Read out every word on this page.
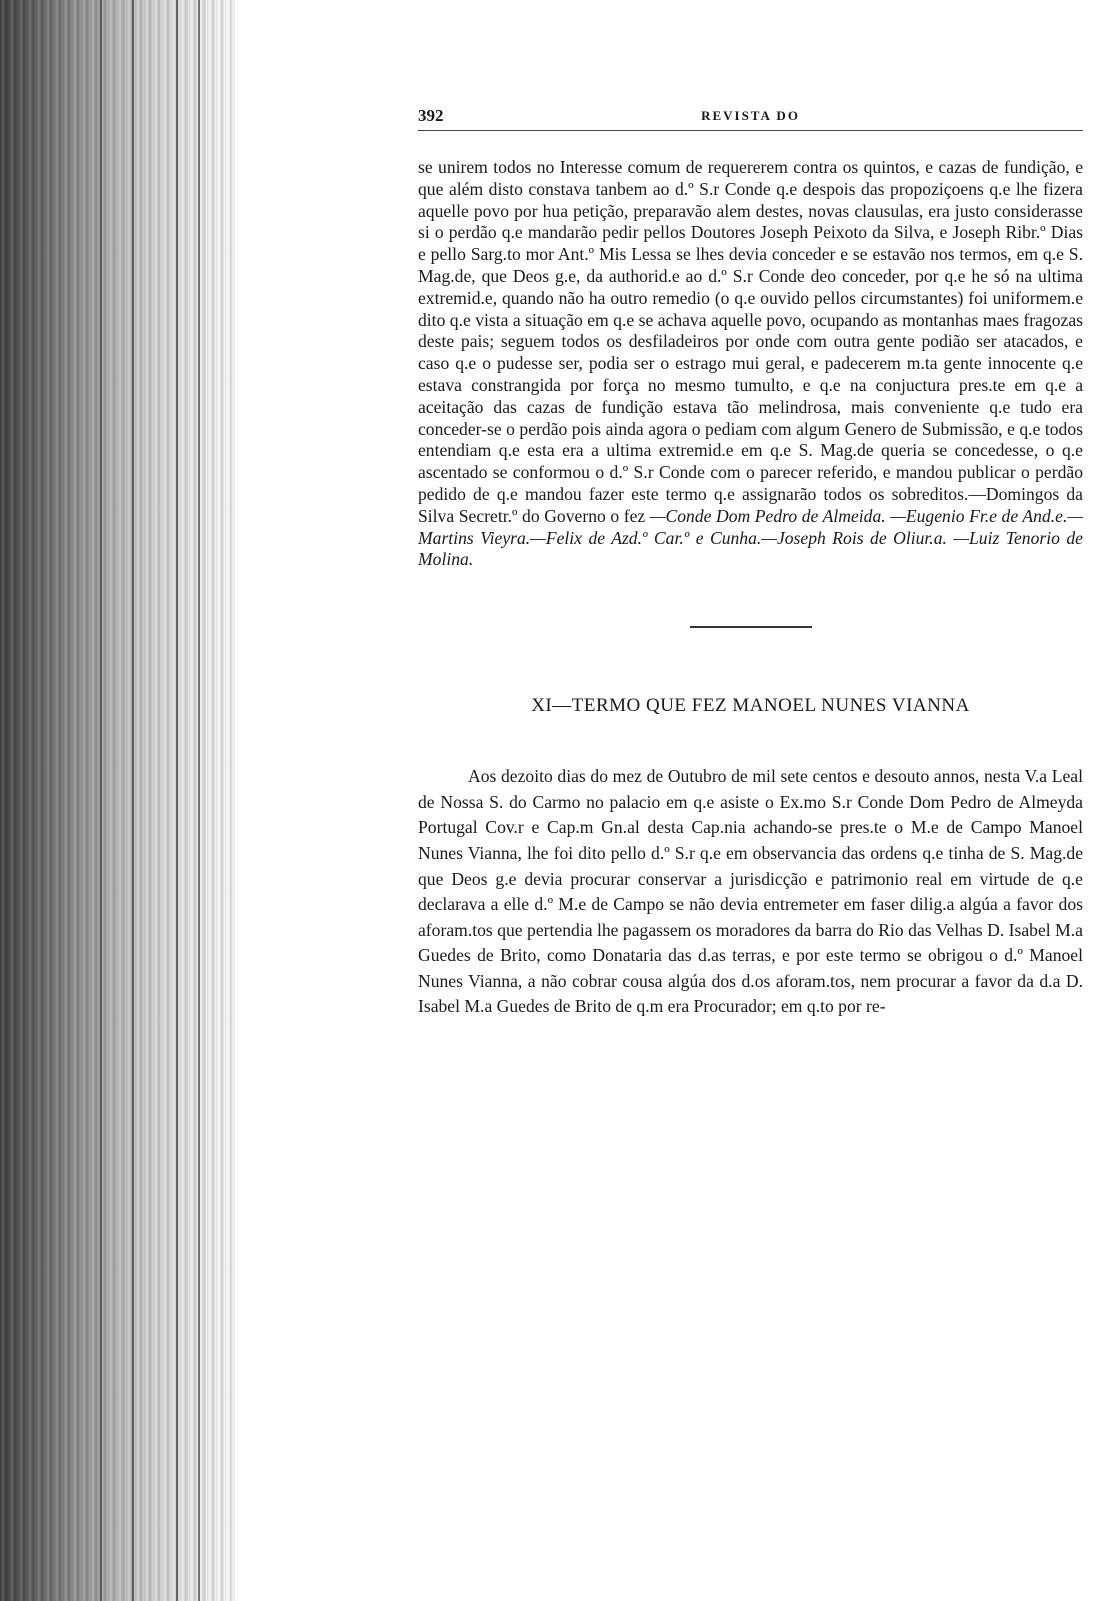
392	REVISTA DO

se unirem todos no Interesse comum de requererem contra os quintos, e cazas de fundição, e que além disto constava tanbem ao d.º S.r Conde q.e despois das propoziçoens q.e lhe fizera aquelle povo por hua petição, preparavão alem destes, novas clausulas, era justo considerasse si o perdão q.e mandarão pedir pellos Doutores Joseph Peixoto da Silva, e Joseph Ribr.º Dias e pello Sarg.to mor Ant.º Mis Lessa se lhes devia conceder e se estavão nos termos, em q.e S. Mag.de, que Deos g.e, da authorid.e ao d.º S.r Conde deo conceder, por q.e he só na ultima extremid.e, quando não ha outro remedio (o q.e ouvido pellos circumstantes) foi uniformem.e dito q.e vista a situação em q.e se achava aquelle povo, ocupando as montanhas maes fragozas deste pais; seguem todos os desfiladeiros por onde com outra gente podião ser atacados, e caso q.e o pudesse ser, podia ser o estrago mui geral, e padecerem m.ta gente innocente q.e estava constrangida por força no mesmo tumulto, e q.e na conjuctura pres.te em q.e a aceitação das cazas de fundição estava tão melindrosa, mais conveniente q.e tudo era conceder-se o perdão pois ainda agora o pediam com algum Genero de Submissão, e q.e todos entendiam q.e esta era a ultima extremid.e em q.e S. Mag.de queria se concedesse, o q.e ascentado se conformou o d.º S.r Conde com o parecer referido, e mandou publicar o perdão pedido de q.e mandou fazer este termo q.e assignarão todos os sobreditos.—Domingos da Silva Secretr.º do Governo o fez —Conde Dom Pedro de Almeida. —Eugenio Fr.e de And.e.—Martins Vieyra.—Felix de Azd.º Car.º e Cunha.—Joseph Rois de Oliur.a. —Luiz Tenorio de Molina.

XI—TERMO QUE FEZ MANOEL NUNES VIANNA

Aos dezoito dias do mez de Outubro de mil sete centos e desouto annos, nesta V.a Leal de Nossa S. do Carmo no palacio em q.e asiste o Ex.mo S.r Conde Dom Pedro de Almeyda Portugal Cov.r e Cap.m Gn.al desta Cap.nia achando-se pres.te o M.e de Campo Manoel Nunes Vianna, lhe foi dito pello d.º S.r q.e em observancia das ordens q.e tinha de S. Mag.de que Deos g.e devia procurar conservar a jurisdicção e patrimonio real em virtude de q.e declarava a elle d.º M.e de Campo se não devia entremeter em faser dilig.a algúa a favor dos aforam.tos que pertendia lhe pagassem os moradores da barra do Rio das Velhas D. Isabel M.a Guedes de Brito, como Donataria das d.as terras, e por este termo se obrigou o d.º Manoel Nunes Vianna, a não cobrar cousa algúa dos d.os aforam.tos, nem procurar a favor da d.a D. Isabel M.a Guedes de Brito de q.m era Procurador; em q.to por re-
